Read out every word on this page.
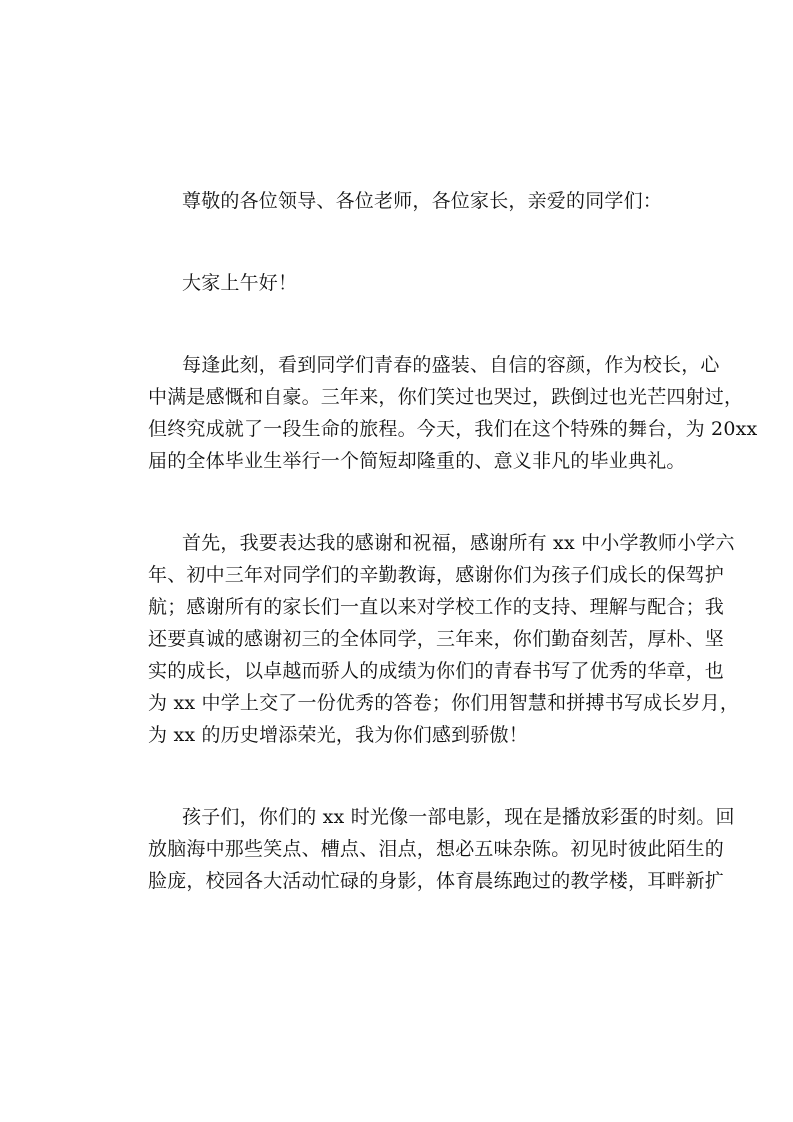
尊敬的各位领导、各位老师，各位家长，亲爱的同学们：

大家上午好！

每逢此刻，看到同学们青春的盛装、自信的容颜，作为校长，心
中满是感慨和自豪。三年来，你们笑过也哭过，跌倒过也光芒四射过，
但终究成就了一段生命的旅程。今天，我们在这个特殊的舞台，为 20xx
届的全体毕业生举行一个简短却隆重的、意义非凡的毕业典礼。

首先，我要表达我的感谢和祝福，感谢所有 xx 中小学教师小学六
年、初中三年对同学们的辛勤教诲，感谢你们为孩子们成长的保驾护
航；感谢所有的家长们一直以来对学校工作的支持、理解与配合；我
还要真诚的感谢初三的全体同学，三年来，你们勤奋刻苦，厚朴、坚
实的成长，以卓越而骄人的成绩为你们的青春书写了优秀的华章，也
为 xx 中学上交了一份优秀的答卷；你们用智慧和拼搏书写成长岁月，
为 xx 的历史增添荣光，我为你们感到骄傲！

孩子们，你们的 xx 时光像一部电影，现在是播放彩蛋的时刻。回
放脑海中那些笑点、槽点、泪点，想必五味杂陈。初见时彼此陌生的
脸庞，校园各大活动忙碌的身影，体育晨练跑过的教学楼，耳畔新扩
